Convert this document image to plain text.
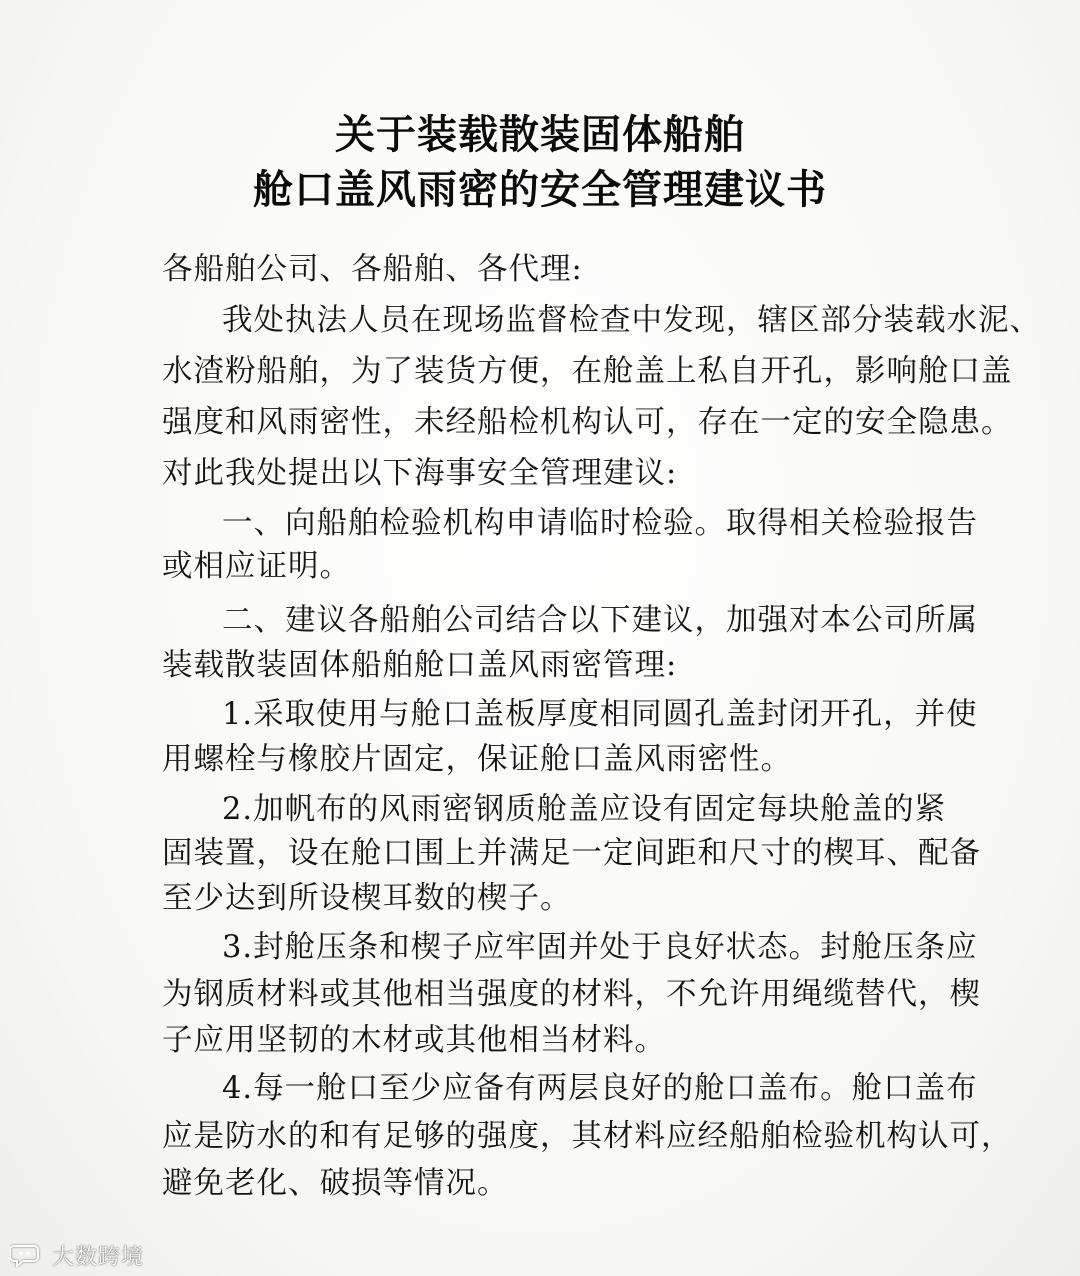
关于装载散装固体船舶
舱口盖风雨密的安全管理建议书
各船舶公司、各船舶、各代理:
我处执法人员在现场监督检查中发现，辖区部分装载水泥、
水渣粉船舶，为了装货方便，在舱盖上私自开孔，影响舱口盖
强度和风雨密性，未经船检机构认可，存在一定的安全隐患。
对此我处提出以下海事安全管理建议:
一、向船舶检验机构申请临时检验。取得相关检验报告
或相应证明。
二、建议各船舶公司结合以下建议，加强对本公司所属
装载散装固体船舶舱口盖风雨密管理:
1.采取使用与舱口盖板厚度相同圆孔盖封闭开孔，并使
用螺栓与橡胶片固定，保证舱口盖风雨密性。
2.加帆布的风雨密钢质舱盖应设有固定每块舱盖的紧
固装置，设在舱口围上并满足一定间距和尺寸的楔耳、配备
至少达到所设楔耳数的楔子。
3.封舱压条和楔子应牢固并处于良好状态。封舱压条应
为钢质材料或其他相当强度的材料，不允许用绳缆替代，楔
子应用坚韧的木材或其他相当材料。
4.每一舱口至少应备有两层良好的舱口盖布。舱口盖布
应是防水的和有足够的强度，其材料应经船舶检验机构认可，
避免老化、破损等情况。
大数跨境
